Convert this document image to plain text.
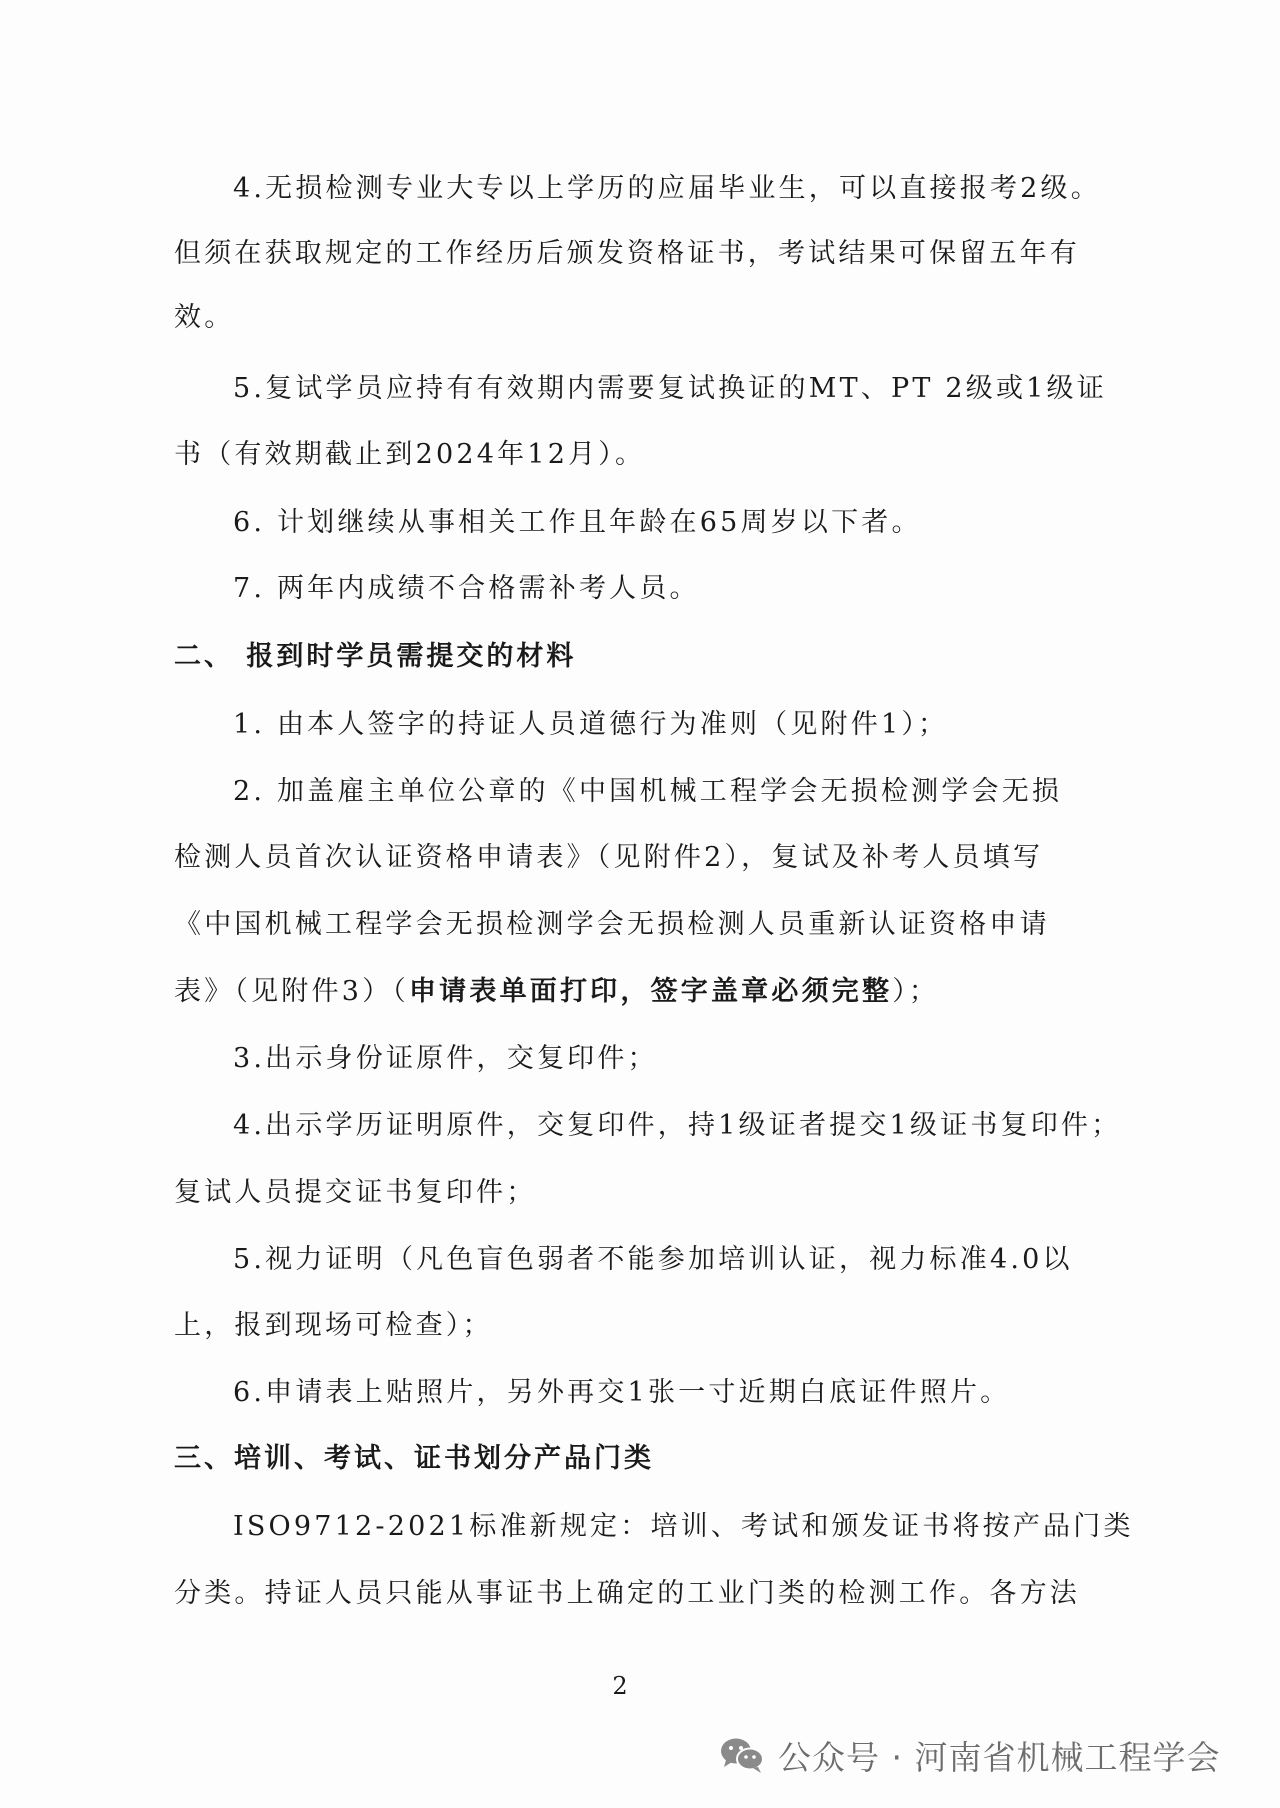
4.无损检测专业大专以上学历的应届毕业生，可以直接报考2级。
但须在获取规定的工作经历后颁发资格证书，考试结果可保留五年有
效。
5.复试学员应持有有效期内需要复试换证的MT、PT 2级或1级证
书（有效期截止到2024年12月）。
6. 计划继续从事相关工作且年龄在65周岁以下者。
7. 两年内成绩不合格需补考人员。
二、 报到时学员需提交的材料
1. 由本人签字的持证人员道德行为准则（见附件1）；
2. 加盖雇主单位公章的《中国机械工程学会无损检测学会无损
检测人员首次认证资格申请表》（见附件2），复试及补考人员填写
《中国机械工程学会无损检测学会无损检测人员重新认证资格申请
表》（见附件3）（申请表单面打印，签字盖章必须完整）；
3.出示身份证原件，交复印件；
4.出示学历证明原件，交复印件，持1级证者提交1级证书复印件；
复试人员提交证书复印件；
5.视力证明（凡色盲色弱者不能参加培训认证，视力标准4.0以
上，报到现场可检查）；
6.申请表上贴照片，另外再交1张一寸近期白底证件照片。
三、培训、考试、证书划分产品门类
ISO9712-2021标准新规定：培训、考试和颁发证书将按产品门类
分类。持证人员只能从事证书上确定的工业门类的检测工作。各方法
2
公众号 · 河南省机械工程学会
